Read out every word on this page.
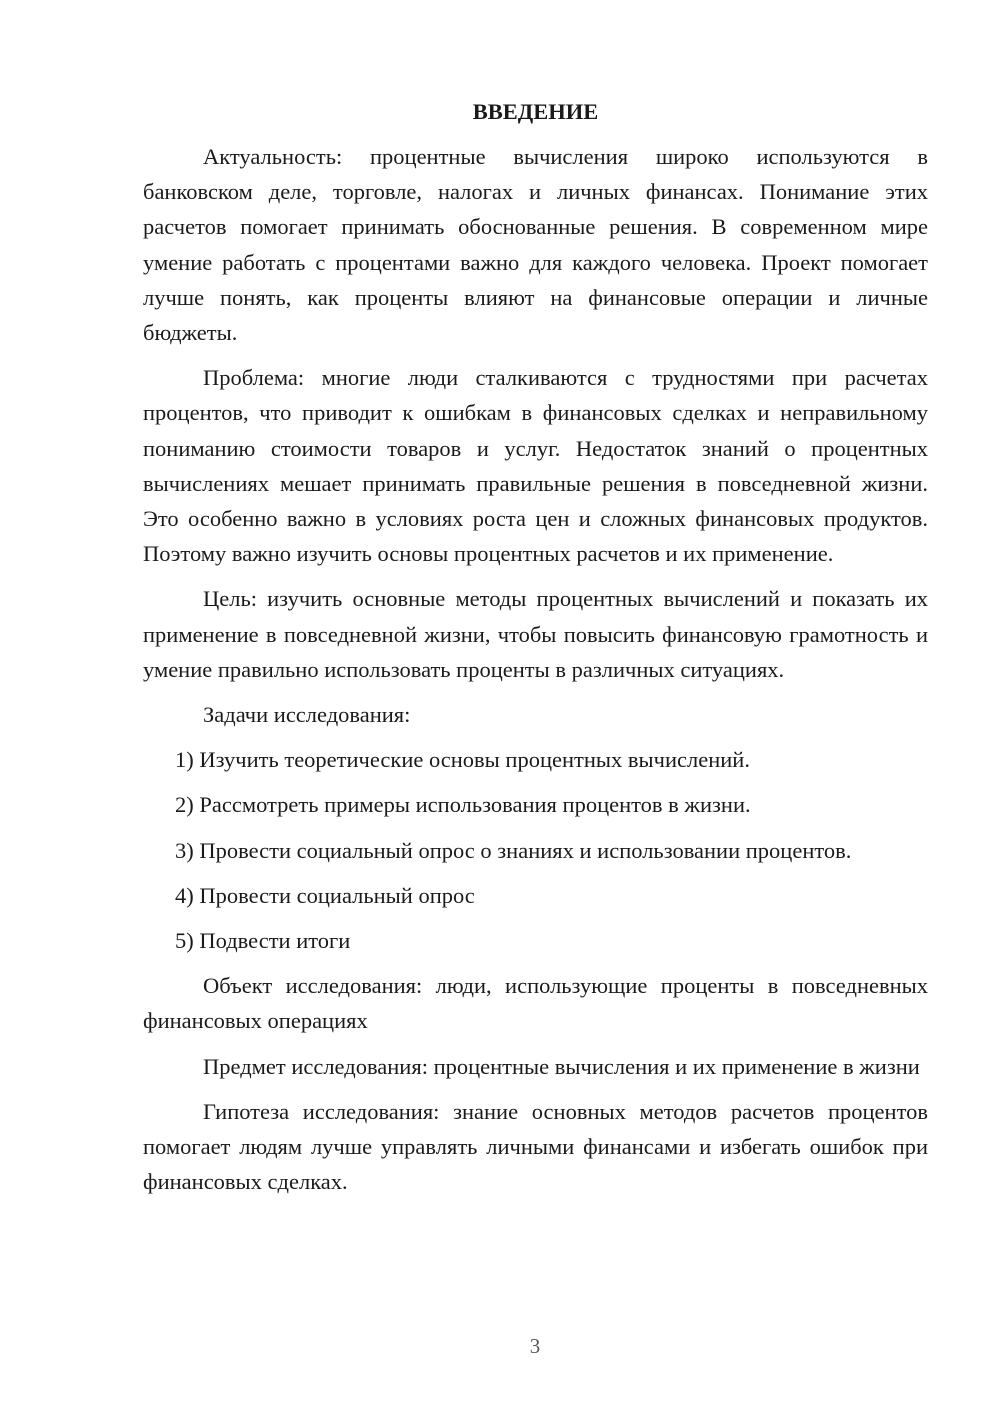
ВВЕДЕНИЕ

Актуальность: процентные вычисления широко используются в банковском деле, торговле, налогах и личных финансах. Понимание этих расчетов помогает принимать обоснованные решения. В современном мире умение работать с процентами важно для каждого человека. Проект помогает лучше понять, как проценты влияют на финансовые операции и личные бюджеты.

Проблема: многие люди сталкиваются с трудностями при расчетах процентов, что приводит к ошибкам в финансовых сделках и неправильному пониманию стоимости товаров и услуг. Недостаток знаний о процентных вычислениях мешает принимать правильные решения в повседневной жизни. Это особенно важно в условиях роста цен и сложных финансовых продуктов. Поэтому важно изучить основы процентных расчетов и их применение.

Цель: изучить основные методы процентных вычислений и показать их применение в повседневной жизни, чтобы повысить финансовую грамотность и умение правильно использовать проценты в различных ситуациях.

Задачи исследования:
1) Изучить теоретические основы процентных вычислений.
2) Рассмотреть примеры использования процентов в жизни.
3) Провести социальный опрос о знаниях и использовании процентов.
4) Провести социальный опрос
5) Подвести итоги

Объект исследования: люди, использующие проценты в повседневных финансовых операциях

Предмет исследования: процентные вычисления и их применение в жизни

Гипотеза исследования: знание основных методов расчетов процентов помогает людям лучше управлять личными финансами и избегать ошибок при финансовых сделках.

3
